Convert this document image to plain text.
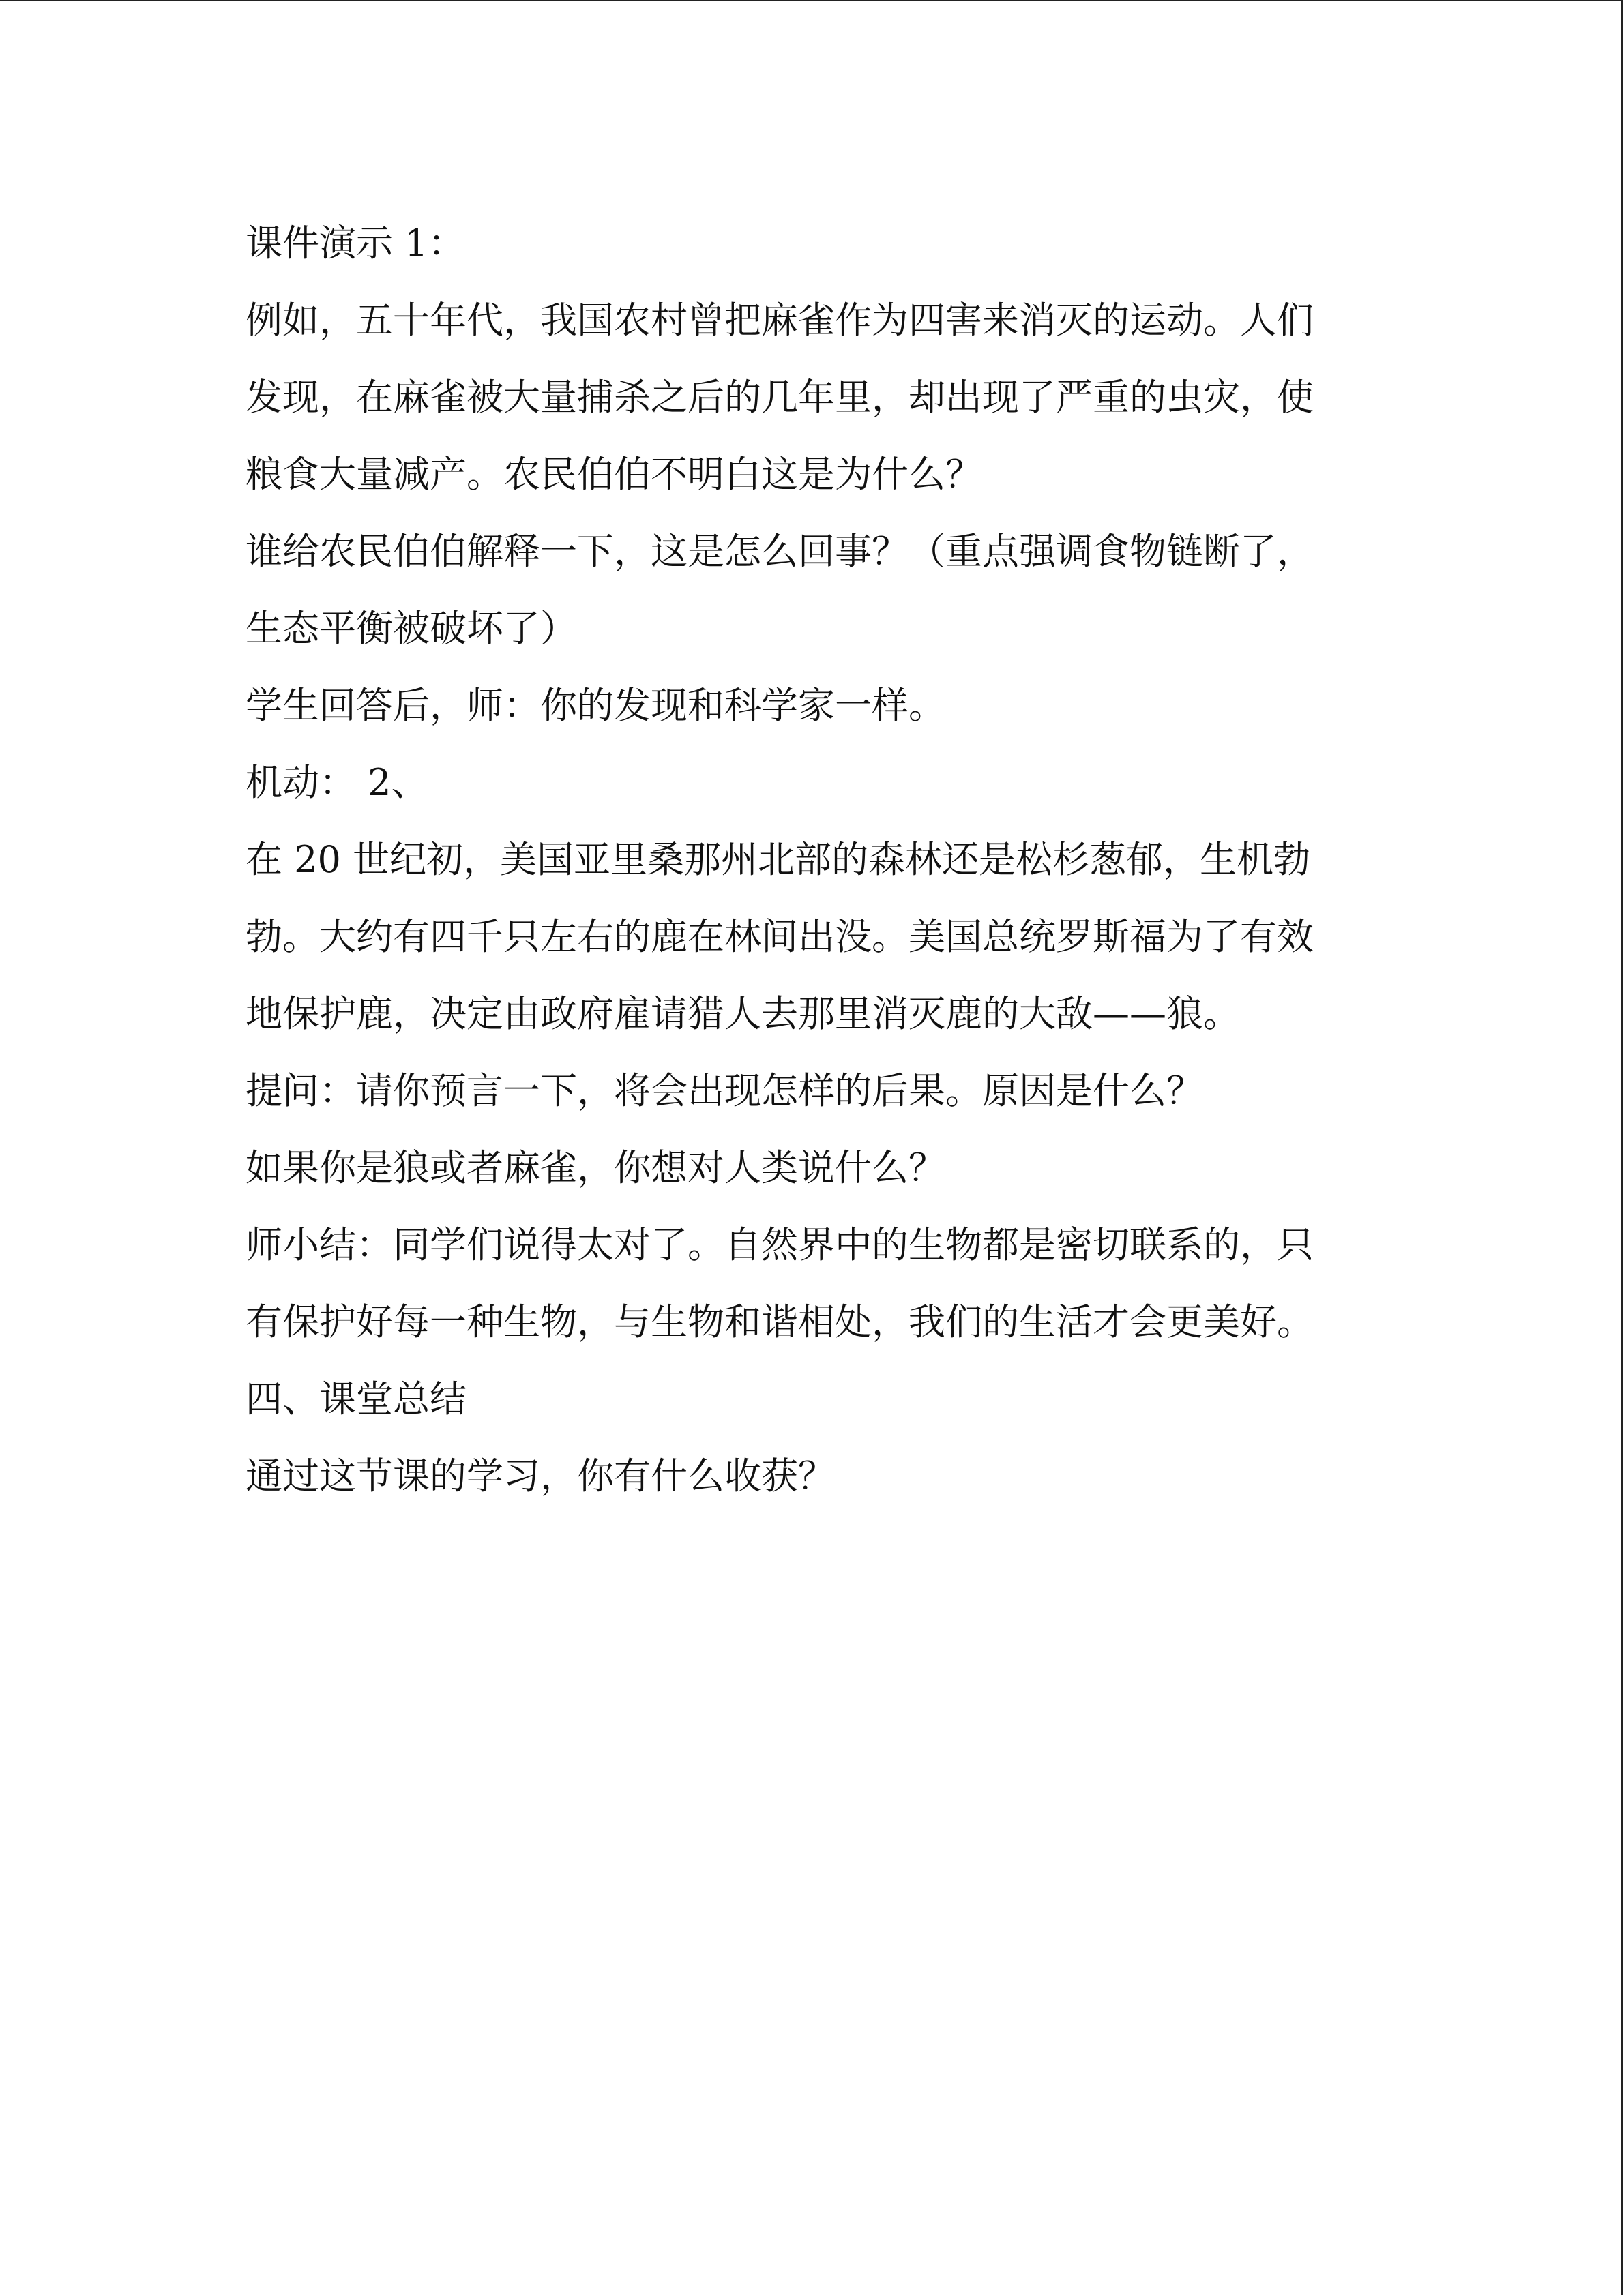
课件演示 1：
例如，五十年代，我国农村曾把麻雀作为四害来消灭的运动。人们
发现，在麻雀被大量捕杀之后的几年里，却出现了严重的虫灾，使
粮食大量减产。农民伯伯不明白这是为什么？
谁给农民伯伯解释一下，这是怎么回事？（重点强调食物链断了，
生态平衡被破坏了）
学生回答后，师：你的发现和科学家一样。
机动： 2、
在 20 世纪初，美国亚里桑那州北部的森林还是松杉葱郁，生机勃
勃。大约有四千只左右的鹿在林间出没。美国总统罗斯福为了有效
地保护鹿，决定由政府雇请猎人去那里消灭鹿的大敌——狼。
提问：请你预言一下，将会出现怎样的后果。原因是什么？
如果你是狼或者麻雀，你想对人类说什么？
师小结：同学们说得太对了。自然界中的生物都是密切联系的，只
有保护好每一种生物，与生物和谐相处，我们的生活才会更美好。
四、课堂总结
通过这节课的学习，你有什么收获？
